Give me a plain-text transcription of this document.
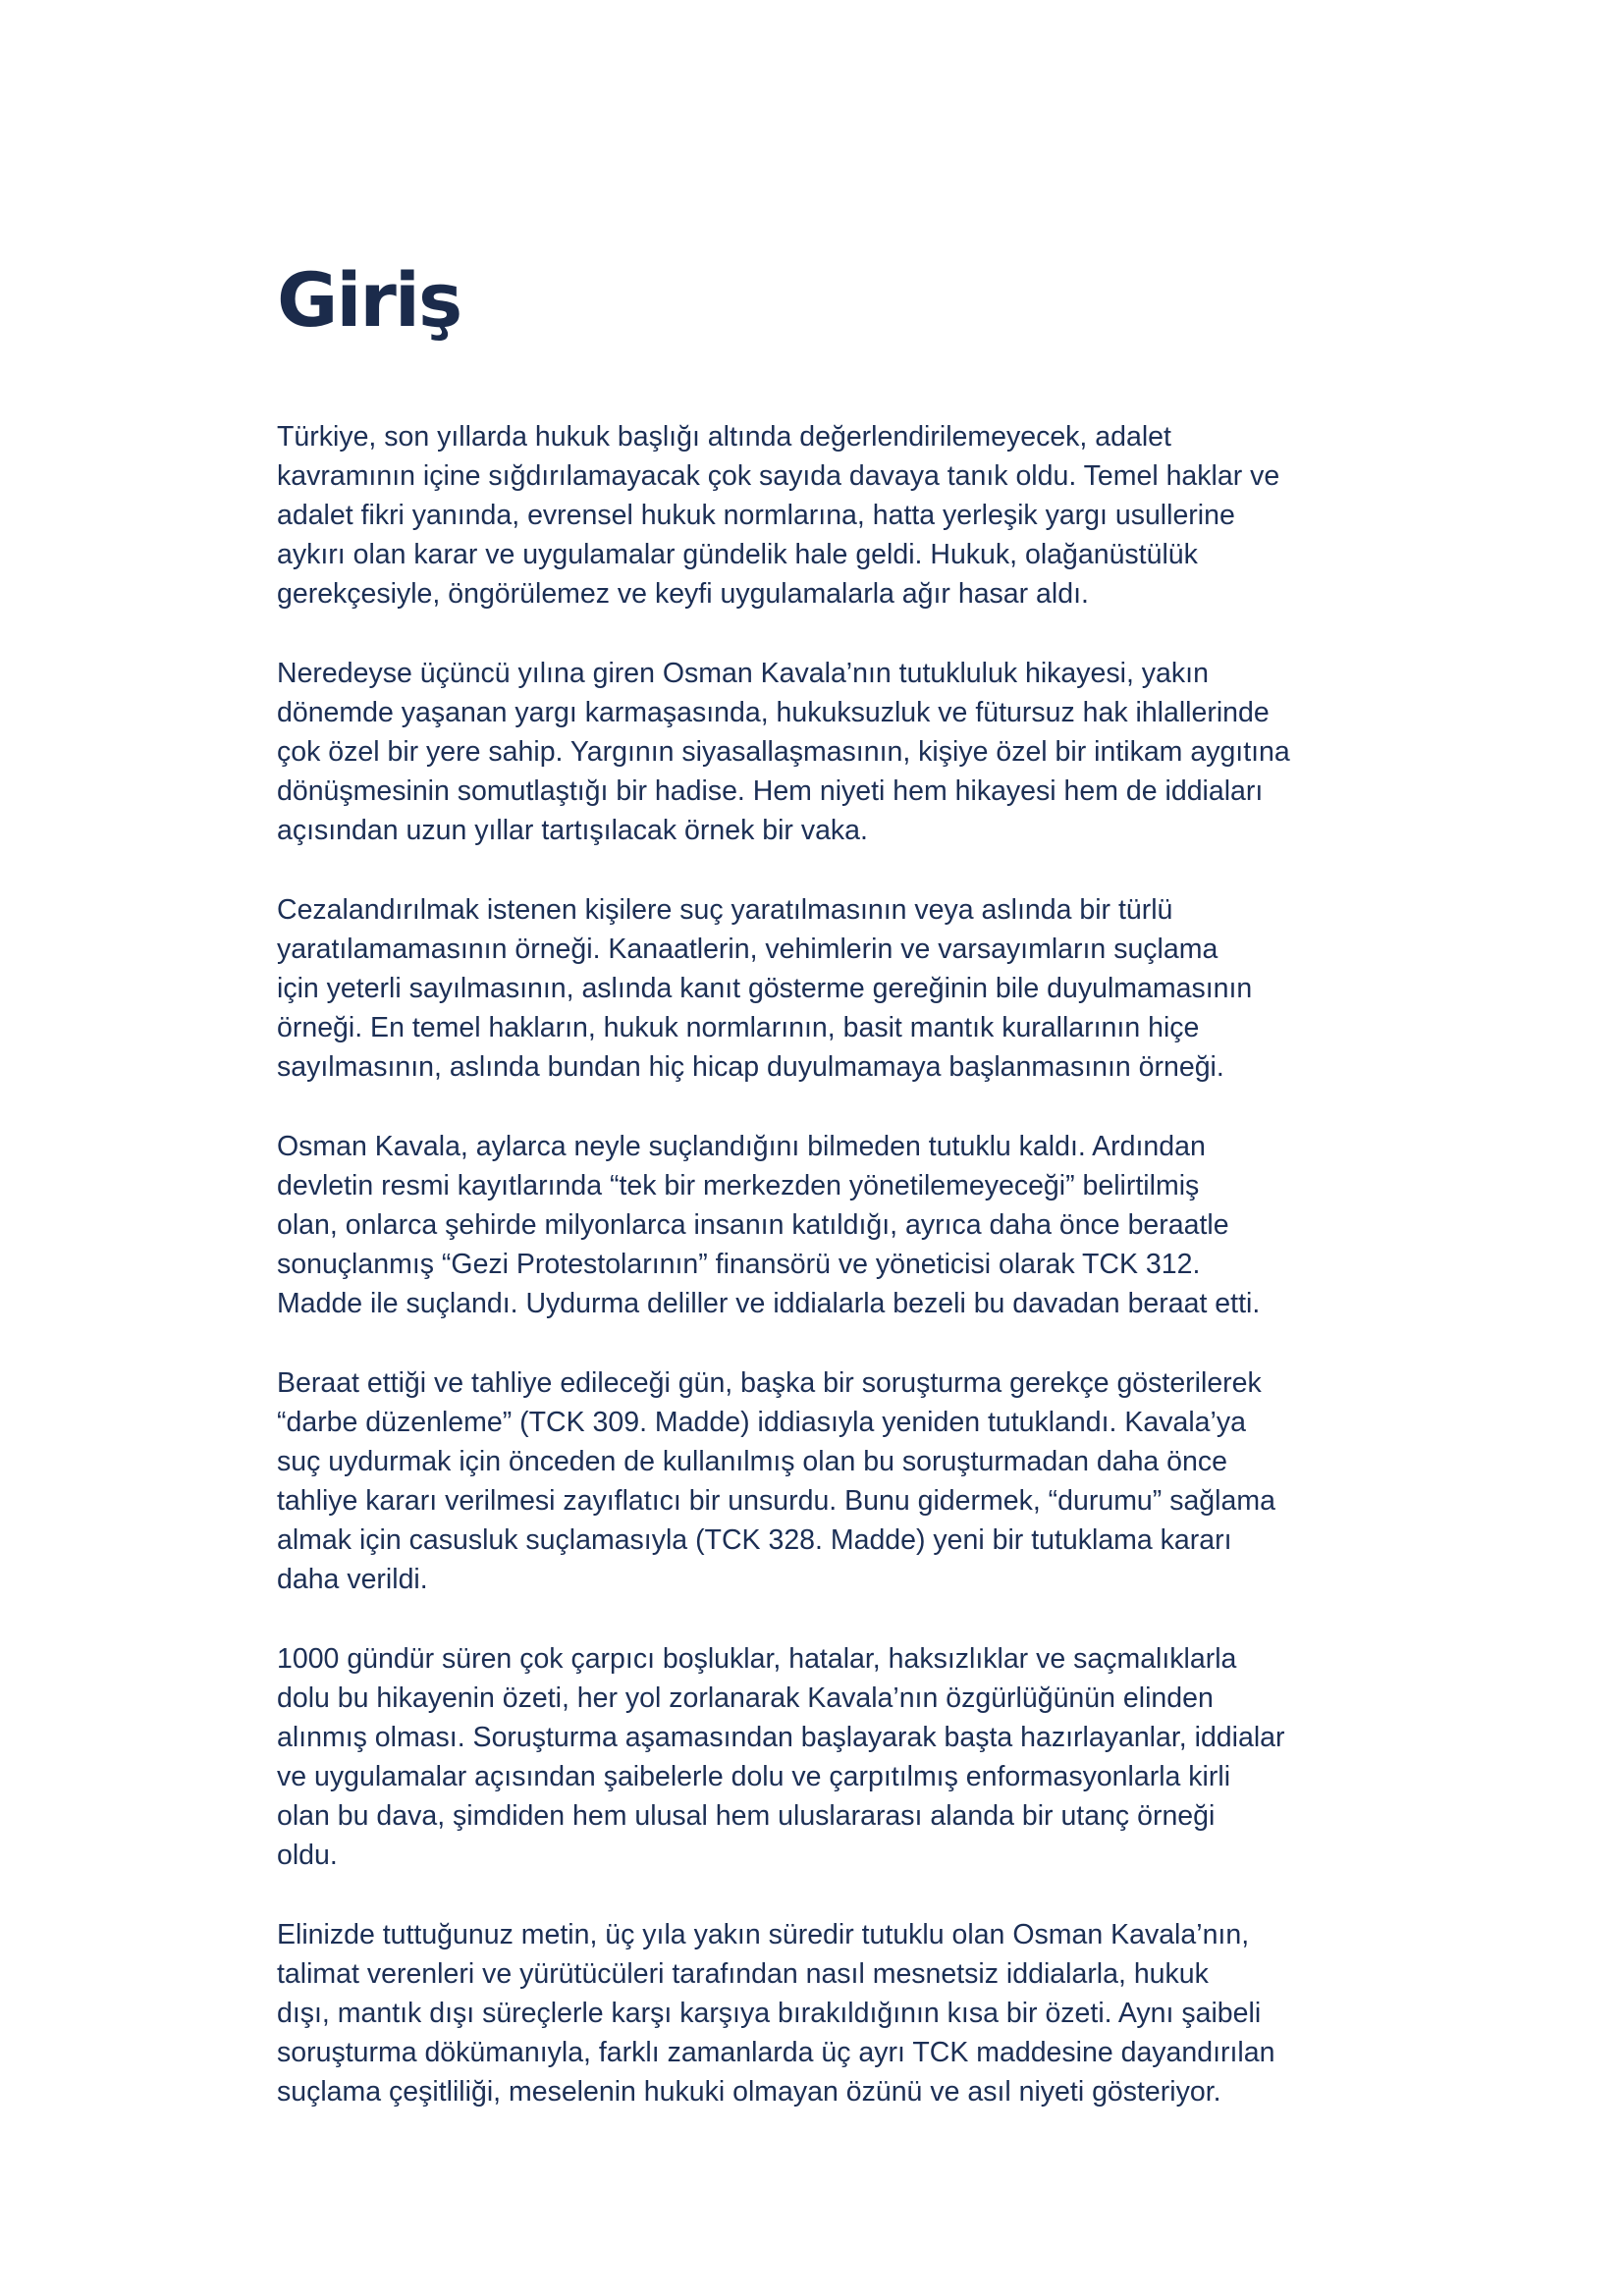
Giriş

Türkiye, son yıllarda hukuk başlığı altında değerlendirilemeyecek, adalet
kavramının içine sığdırılamayacak çok sayıda davaya tanık oldu. Temel haklar ve
adalet fikri yanında, evrensel hukuk normlarına, hatta yerleşik yargı usullerine
aykırı olan karar ve uygulamalar gündelik hale geldi. Hukuk, olağanüstülük
gerekçesiyle, öngörülemez ve keyfi uygulamalarla ağır hasar aldı.

Neredeyse üçüncü yılına giren Osman Kavala’nın tutukluluk hikayesi, yakın
dönemde yaşanan yargı karmaşasında, hukuksuzluk ve fütursuz hak ihlallerinde
çok özel bir yere sahip. Yargının siyasallaşmasının, kişiye özel bir intikam aygıtına
dönüşmesinin somutlaştığı bir hadise. Hem niyeti hem hikayesi hem de iddiaları
açısından uzun yıllar tartışılacak örnek bir vaka.

Cezalandırılmak istenen kişilere suç yaratılmasının veya aslında bir türlü
yaratılamamasının örneği. Kanaatlerin, vehimlerin ve varsayımların suçlama
için yeterli sayılmasının, aslında kanıt gösterme gereğinin bile duyulmamasının
örneği. En temel hakların, hukuk normlarının, basit mantık kurallarının hiçe
sayılmasının, aslında bundan hiç hicap duyulmamaya başlanmasının örneği.

Osman Kavala, aylarca neyle suçlandığını bilmeden tutuklu kaldı. Ardından
devletin resmi kayıtlarında “tek bir merkezden yönetilemeyeceği” belirtilmiş
olan, onlarca şehirde milyonlarca insanın katıldığı, ayrıca daha önce beraatle
sonuçlanmış “Gezi Protestolarının” finansörü ve yöneticisi olarak TCK 312.
Madde ile suçlandı. Uydurma deliller ve iddialarla bezeli bu davadan beraat etti.

Beraat ettiği ve tahliye edileceği gün, başka bir soruşturma gerekçe gösterilerek
“darbe düzenleme” (TCK 309. Madde) iddiasıyla yeniden tutuklandı. Kavala’ya
suç uydurmak için önceden de kullanılmış olan bu soruşturmadan daha önce
tahliye kararı verilmesi zayıflatıcı bir unsurdu. Bunu gidermek, “durumu” sağlama
almak için casusluk suçlamasıyla (TCK 328. Madde) yeni bir tutuklama kararı
daha verildi.

1000 gündür süren çok çarpıcı boşluklar, hatalar, haksızlıklar ve saçmalıklarla
dolu bu hikayenin özeti, her yol zorlanarak Kavala’nın özgürlüğünün elinden
alınmış olması. Soruşturma aşamasından başlayarak başta hazırlayanlar, iddialar
ve uygulamalar açısından şaibelerle dolu ve çarpıtılmış enformasyonlarla kirli
olan bu dava, şimdiden hem ulusal hem uluslararası alanda bir utanç örneği
oldu.

Elinizde tuttuğunuz metin, üç yıla yakın süredir tutuklu olan Osman Kavala’nın,
talimat verenleri ve yürütücüleri tarafından nasıl mesnetsiz iddialarla, hukuk
dışı, mantık dışı süreçlerle karşı karşıya bırakıldığının kısa bir özeti. Aynı şaibeli
soruşturma dökümanıyla, farklı zamanlarda üç ayrı TCK maddesine dayandırılan
suçlama çeşitliliği, meselenin hukuki olmayan özünü ve asıl niyeti gösteriyor.
